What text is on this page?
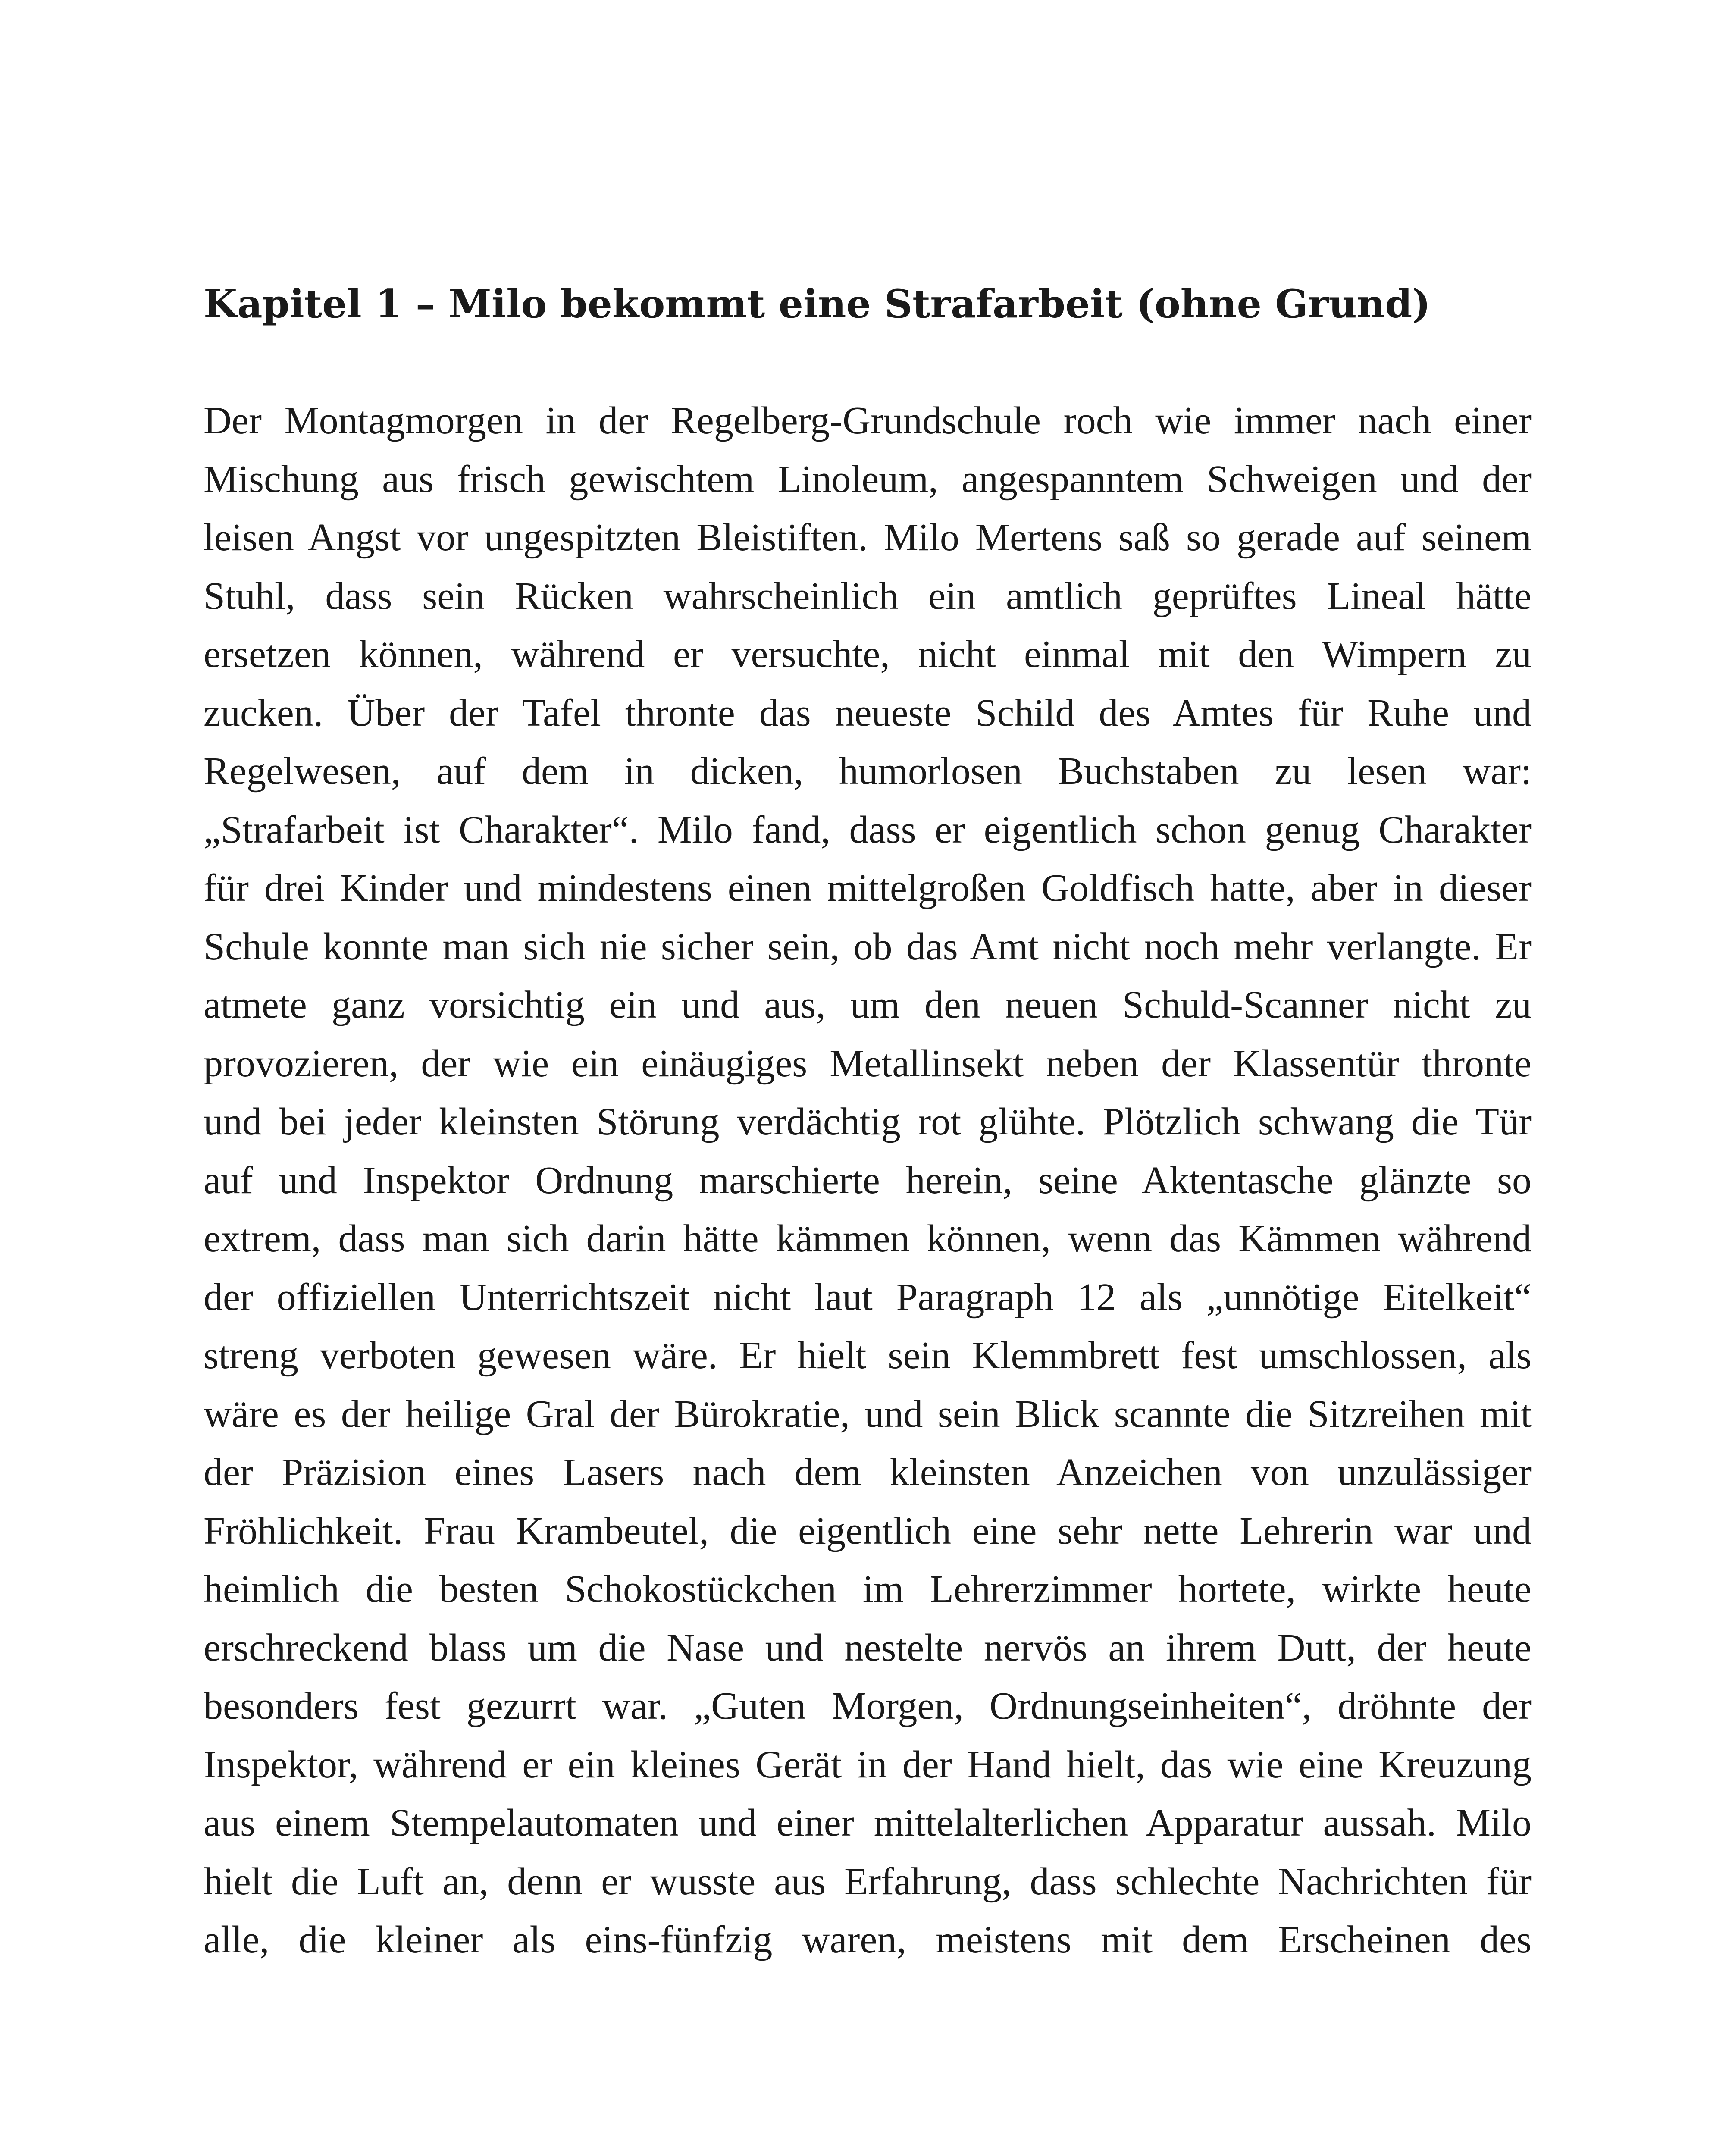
Kapitel 1 – Milo bekommt eine Strafarbeit (ohne Grund)
Der Montagmorgen in der Regelberg-Grundschule roch wie immer nach einer
Mischung aus frisch gewischtem Linoleum, angespanntem Schweigen und der
leisen Angst vor ungespitzten Bleistiften. Milo Mertens saß so gerade auf seinem
Stuhl, dass sein Rücken wahrscheinlich ein amtlich geprüftes Lineal hätte
ersetzen können, während er versuchte, nicht einmal mit den Wimpern zu
zucken. Über der Tafel thronte das neueste Schild des Amtes für Ruhe und
Regelwesen, auf dem in dicken, humorlosen Buchstaben zu lesen war:
„Strafarbeit ist Charakter“. Milo fand, dass er eigentlich schon genug Charakter
für drei Kinder und mindestens einen mittelgroßen Goldfisch hatte, aber in dieser
Schule konnte man sich nie sicher sein, ob das Amt nicht noch mehr verlangte. Er
atmete ganz vorsichtig ein und aus, um den neuen Schuld-Scanner nicht zu
provozieren, der wie ein einäugiges Metallinsekt neben der Klassentür thronte
und bei jeder kleinsten Störung verdächtig rot glühte. Plötzlich schwang die Tür
auf und Inspektor Ordnung marschierte herein, seine Aktentasche glänzte so
extrem, dass man sich darin hätte kämmen können, wenn das Kämmen während
der offiziellen Unterrichtszeit nicht laut Paragraph 12 als „unnötige Eitelkeit“
streng verboten gewesen wäre. Er hielt sein Klemmbrett fest umschlossen, als
wäre es der heilige Gral der Bürokratie, und sein Blick scannte die Sitzreihen mit
der Präzision eines Lasers nach dem kleinsten Anzeichen von unzulässiger
Fröhlichkeit. Frau Krambeutel, die eigentlich eine sehr nette Lehrerin war und
heimlich die besten Schokostückchen im Lehrerzimmer hortete, wirkte heute
erschreckend blass um die Nase und nestelte nervös an ihrem Dutt, der heute
besonders fest gezurrt war. „Guten Morgen, Ordnungseinheiten“, dröhnte der
Inspektor, während er ein kleines Gerät in der Hand hielt, das wie eine Kreuzung
aus einem Stempelautomaten und einer mittelalterlichen Apparatur aussah. Milo
hielt die Luft an, denn er wusste aus Erfahrung, dass schlechte Nachrichten für
alle, die kleiner als eins-fünfzig waren, meistens mit dem Erscheinen des
